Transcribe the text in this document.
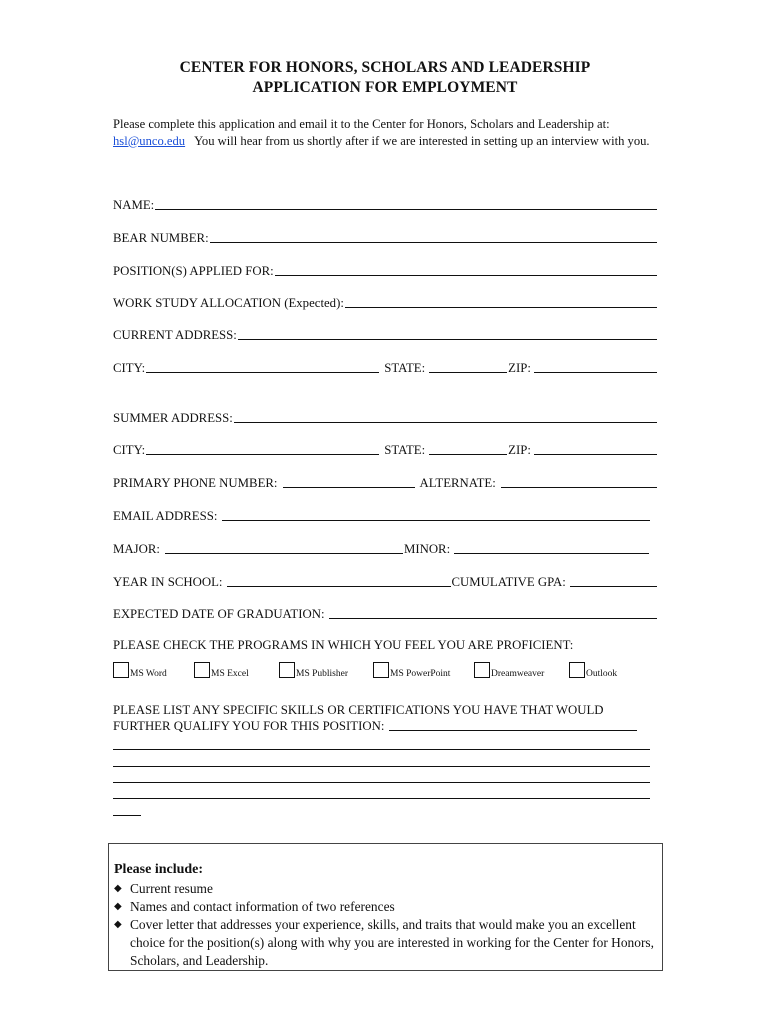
CENTER FOR HONORS, SCHOLARS AND LEADERSHIP
APPLICATION FOR EMPLOYMENT
Please complete this application and email it to the Center for Honors, Scholars and Leadership at:
hsl@unco.edu You will hear from us shortly after if we are interested in setting up an interview with you.
NAME:
BEAR NUMBER:
POSITION(S) APPLIED FOR:
WORK STUDY ALLOCATION (Expected):
CURRENT ADDRESS:
CITY:	STATE:	ZIP:
SUMMER ADDRESS:
CITY:	STATE:	ZIP:
PRIMARY PHONE NUMBER:	ALTERNATE:
EMAIL ADDRESS:
MAJOR:	MINOR:
YEAR IN SCHOOL:	CUMULATIVE GPA:
EXPECTED DATE OF GRADUATION:
PLEASE CHECK THE PROGRAMS IN WHICH YOU FEEL YOU ARE PROFICIENT:
MS Word	MS Excel	MS Publisher	MS PowerPoint	Dreamweaver	Outlook
PLEASE LIST ANY SPECIFIC SKILLS OR CERTIFICATIONS YOU HAVE THAT WOULD
FURTHER QUALIFY YOU FOR THIS POSITION:
Please include:
◆ Current resume
◆ Names and contact information of two references
◆ Cover letter that addresses your experience, skills, and traits that would make you an excellent choice for the position(s) along with why you are interested in working for the Center for Honors, Scholars, and Leadership.
